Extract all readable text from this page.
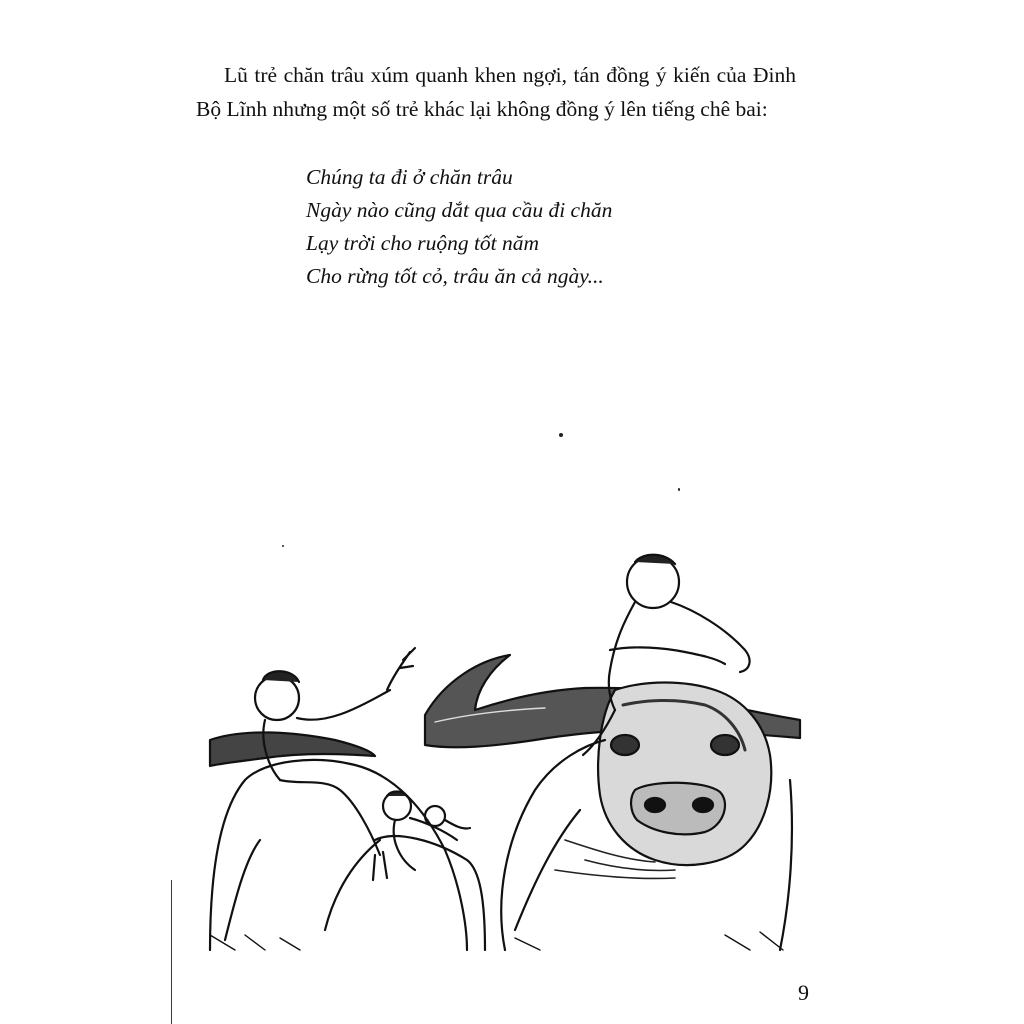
Lũ trẻ chăn trâu xúm quanh khen ngợi, tán đồng ý kiến của Đinh Bộ Lĩnh nhưng một số trẻ khác lại không đồng ý lên tiếng chê bai:

Chúng ta đi ở chăn trâu
Ngày nào cũng dắt qua cầu đi chăn
Lạy trời cho ruộng tốt năm
Cho rừng tốt cỏ, trâu ăn cả ngày...
9
